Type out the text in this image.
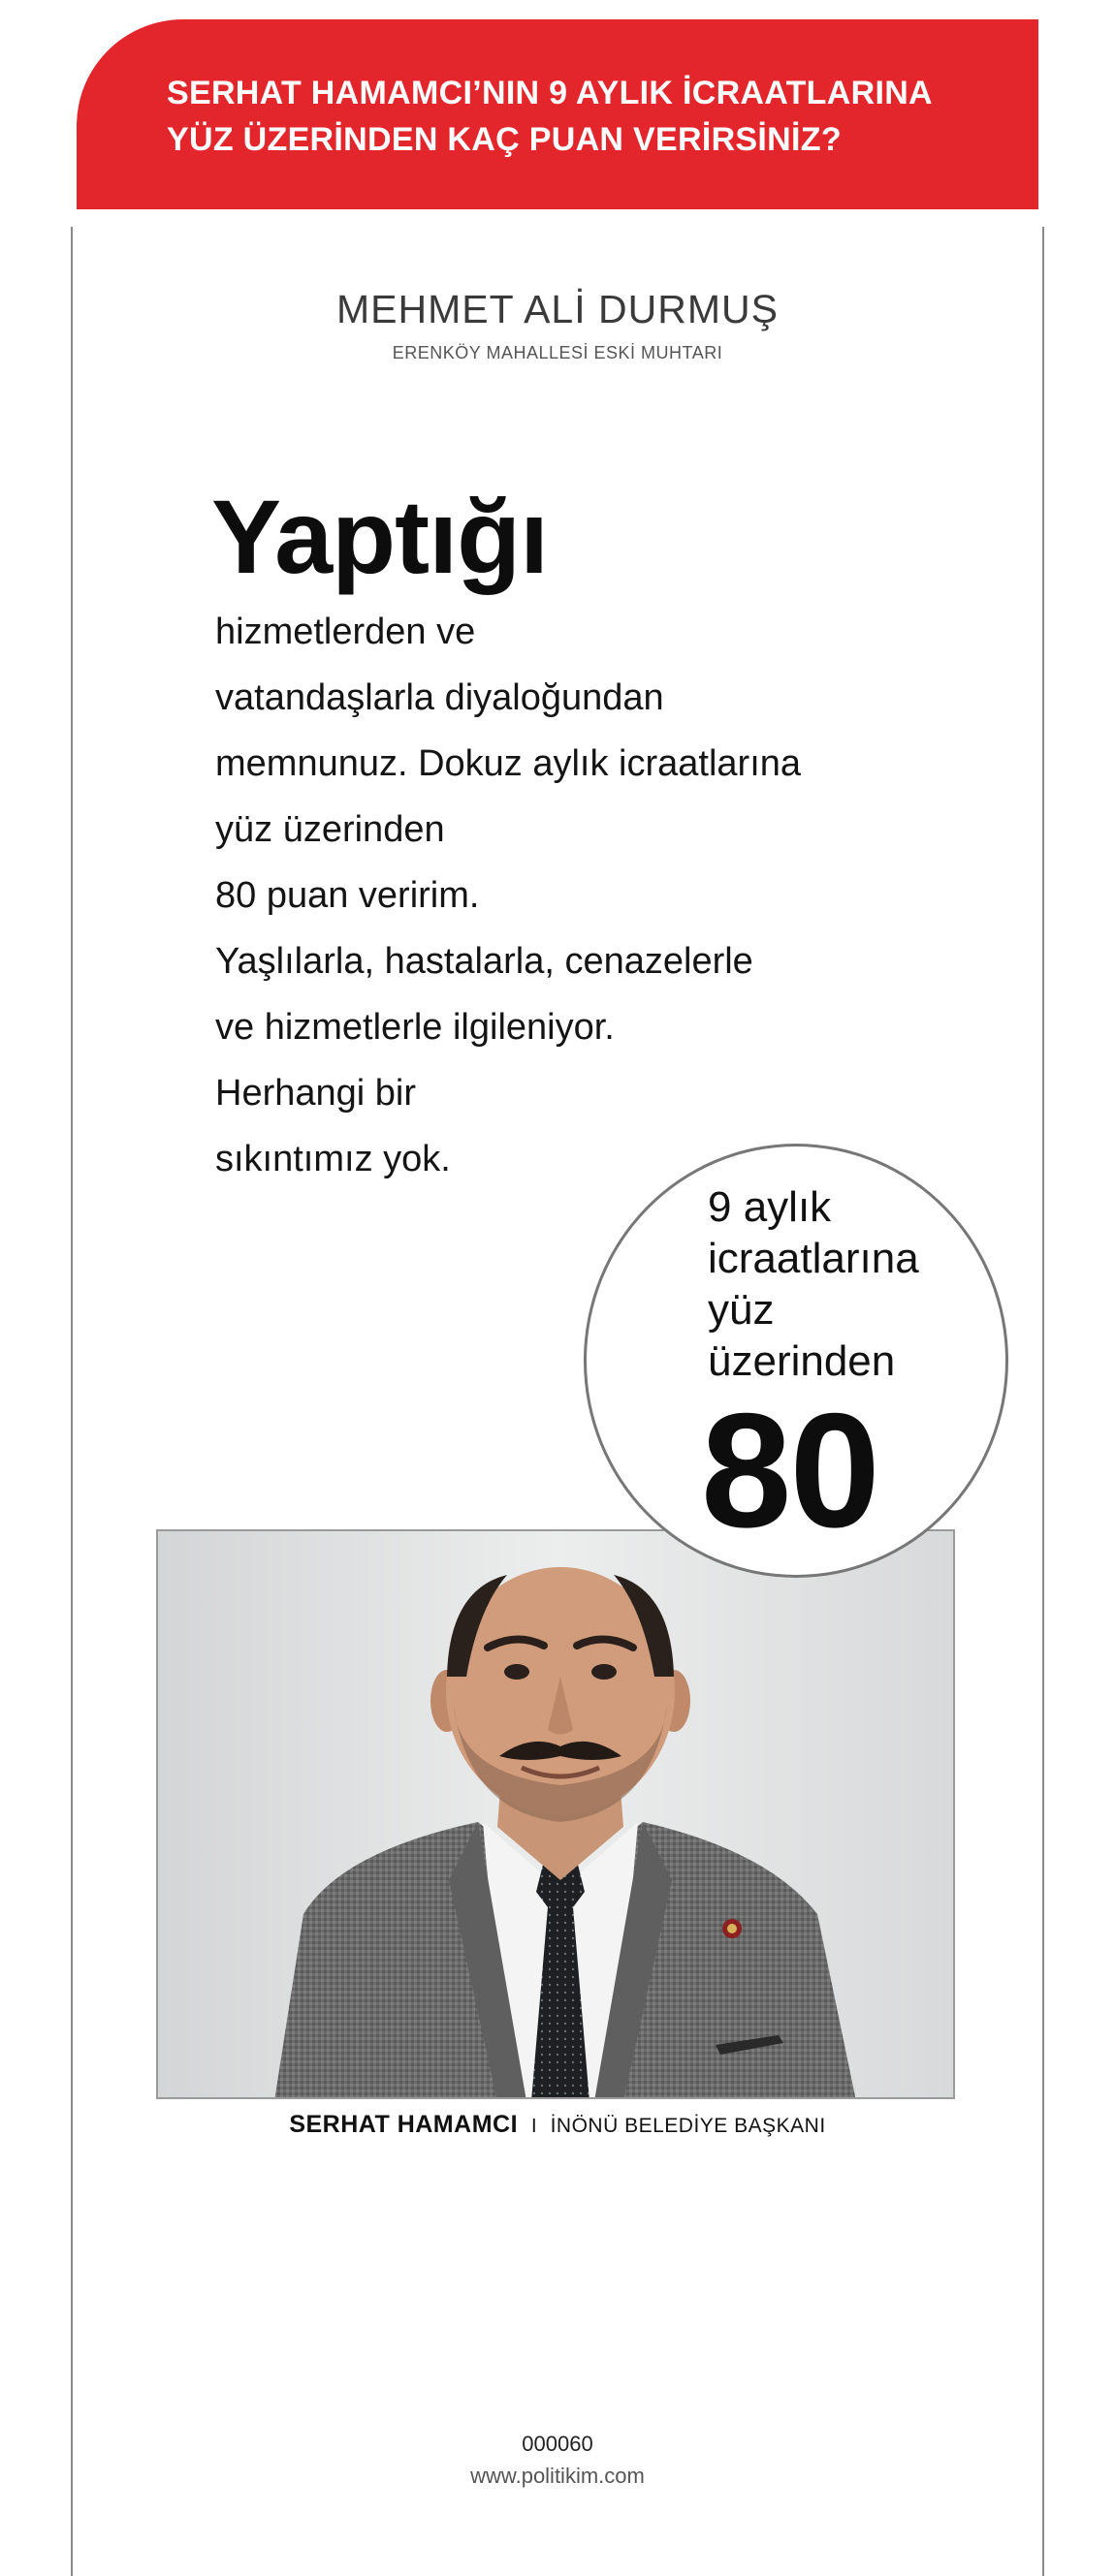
SERHAT HAMAMCI’NIN 9 AYLIK İCRAATLARINA
YÜZ ÜZERİNDEN KAÇ PUAN VERİRSİNİZ?
MEHMET ALİ DURMUŞ
ERENKÖY MAHALLESİ ESKİ MUHTARI
Yaptığı
hizmetlerden ve
vatandaşlarla diyaloğundan
memnunuz. Dokuz aylık icraatlarına
yüz üzerinden
80 puan veririm.
Yaşlılarla, hastalarla, cenazelerle
ve hizmetlerle ilgileniyor.
Herhangi bir
sıkıntımız yok.
9 aylık
icraatlarına
yüz
üzerinden
80
SERHAT HAMAMCI I İNÖNÜ BELEDİYE BAŞKANI
000060
www.politikim.com
